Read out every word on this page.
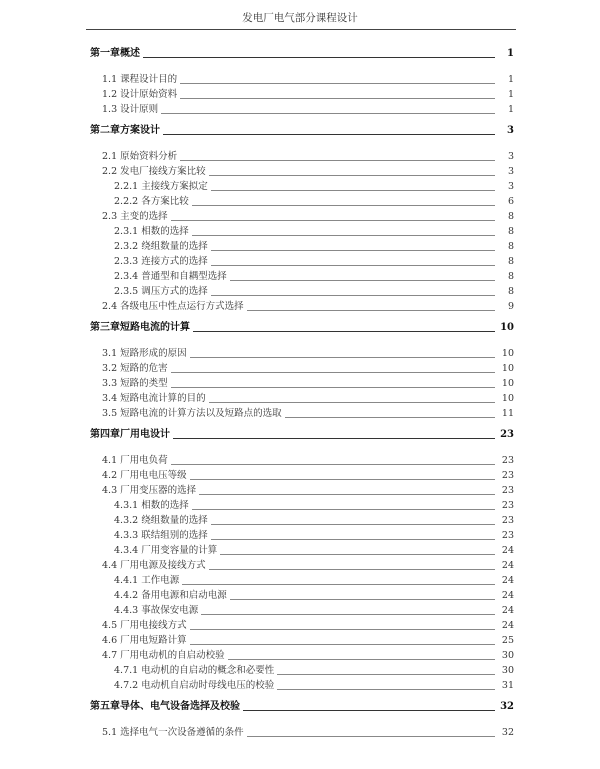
发电厂电气部分课程设计
第一章概述	1
1.1 课程设计目的	1
1.2 设计原始资料	1
1.3 设计原则	1
第二章方案设计	3
2.1 原始资料分析	3
2.2 发电厂接线方案比较	3
2.2.1 主接线方案拟定	3
2.2.2 各方案比较	6
2.3 主变的选择	8
2.3.1 相数的选择	8
2.3.2 绕组数量的选择	8
2.3.3 连接方式的选择	8
2.3.4 普通型和自耦型选择	8
2.3.5 调压方式的选择	8
2.4 各级电压中性点运行方式选择	9
第三章短路电流的计算	10
3.1 短路形成的原因	10
3.2 短路的危害	10
3.3 短路的类型	10
3.4 短路电流计算的目的	10
3.5 短路电流的计算方法以及短路点的选取	11
第四章厂用电设计	23
4.1 厂用电负荷	23
4.2 厂用电电压等级	23
4.3 厂用变压器的选择	23
4.3.1 相数的选择	23
4.3.2 绕组数量的选择	23
4.3.3 联结组别的选择	23
4.3.4 厂用变容量的计算	24
4.4 厂用电源及接线方式	24
4.4.1 工作电源	24
4.4.2 备用电源和启动电源	24
4.4.3 事故保安电源	24
4.5 厂用电接线方式	24
4.6 厂用电短路计算	25
4.7 厂用电动机的自启动校验	30
4.7.1 电动机的自启动的概念和必要性	30
4.7.2 电动机自启动时母线电压的校验	31
第五章导体、电气设备选择及校验	32
5.1 选择电气一次设备遵循的条件	32
